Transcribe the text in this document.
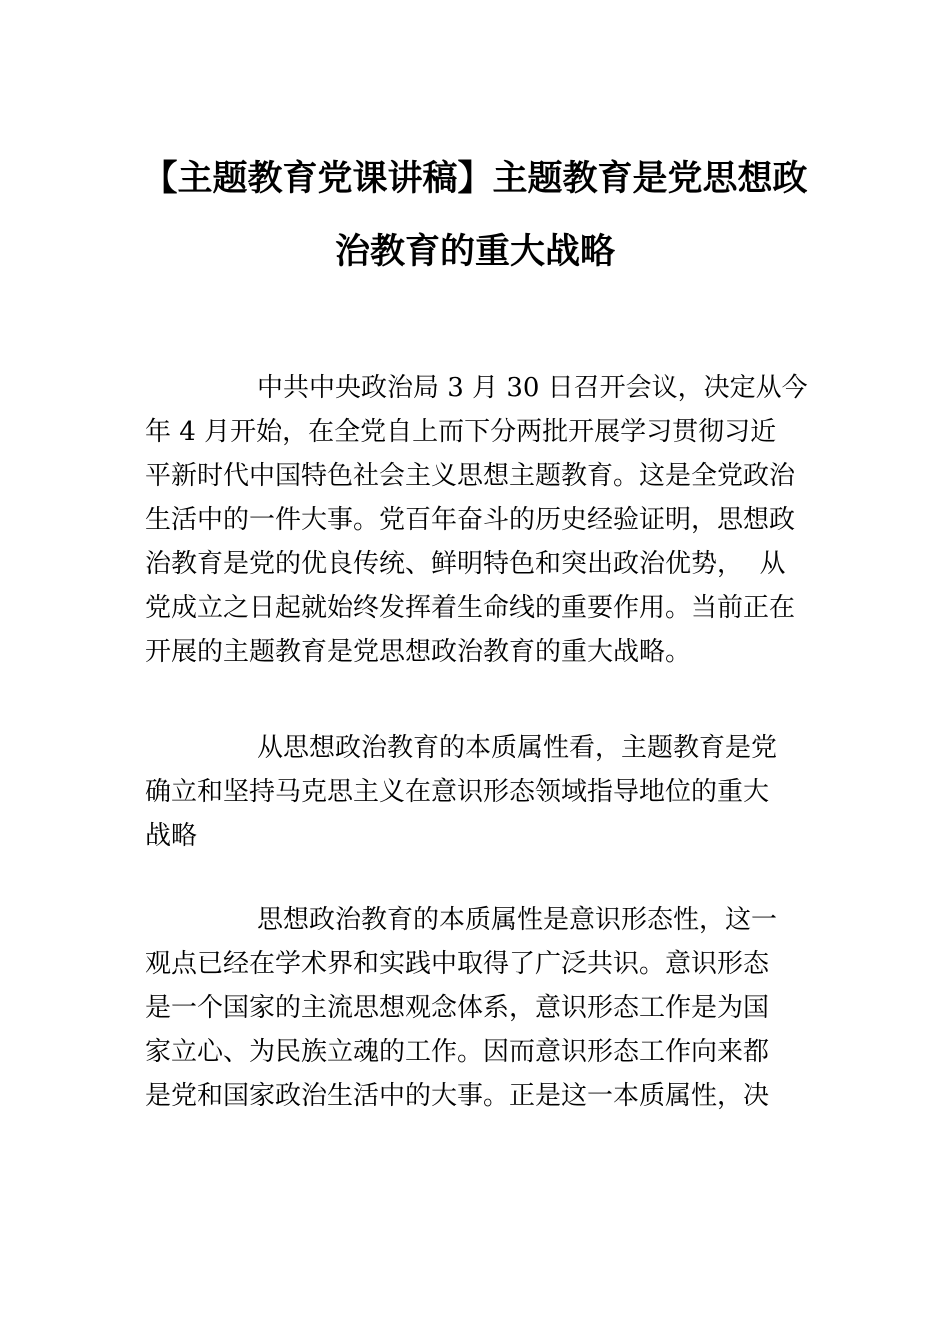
【主题教育党课讲稿】主题教育是党思想政
治教育的重大战略
中共中央政治局 3 月 30 日召开会议，决定从今
年 4 月开始，在全党自上而下分两批开展学习贯彻习近
平新时代中国特色社会主义思想主题教育。这是全党政治
生活中的一件大事。党百年奋斗的历史经验证明，思想政
治教育是党的优良传统、鲜明特色和突出政治优势，  从
党成立之日起就始终发挥着生命线的重要作用。当前正在
开展的主题教育是党思想政治教育的重大战略。
从思想政治教育的本质属性看，主题教育是党
确立和坚持马克思主义在意识形态领域指导地位的重大
战略
思想政治教育的本质属性是意识形态性，这一
观点已经在学术界和实践中取得了广泛共识。意识形态
是一个国家的主流思想观念体系，意识形态工作是为国
家立心、为民族立魂的工作。因而意识形态工作向来都
是党和国家政治生活中的大事。正是这一本质属性，决
